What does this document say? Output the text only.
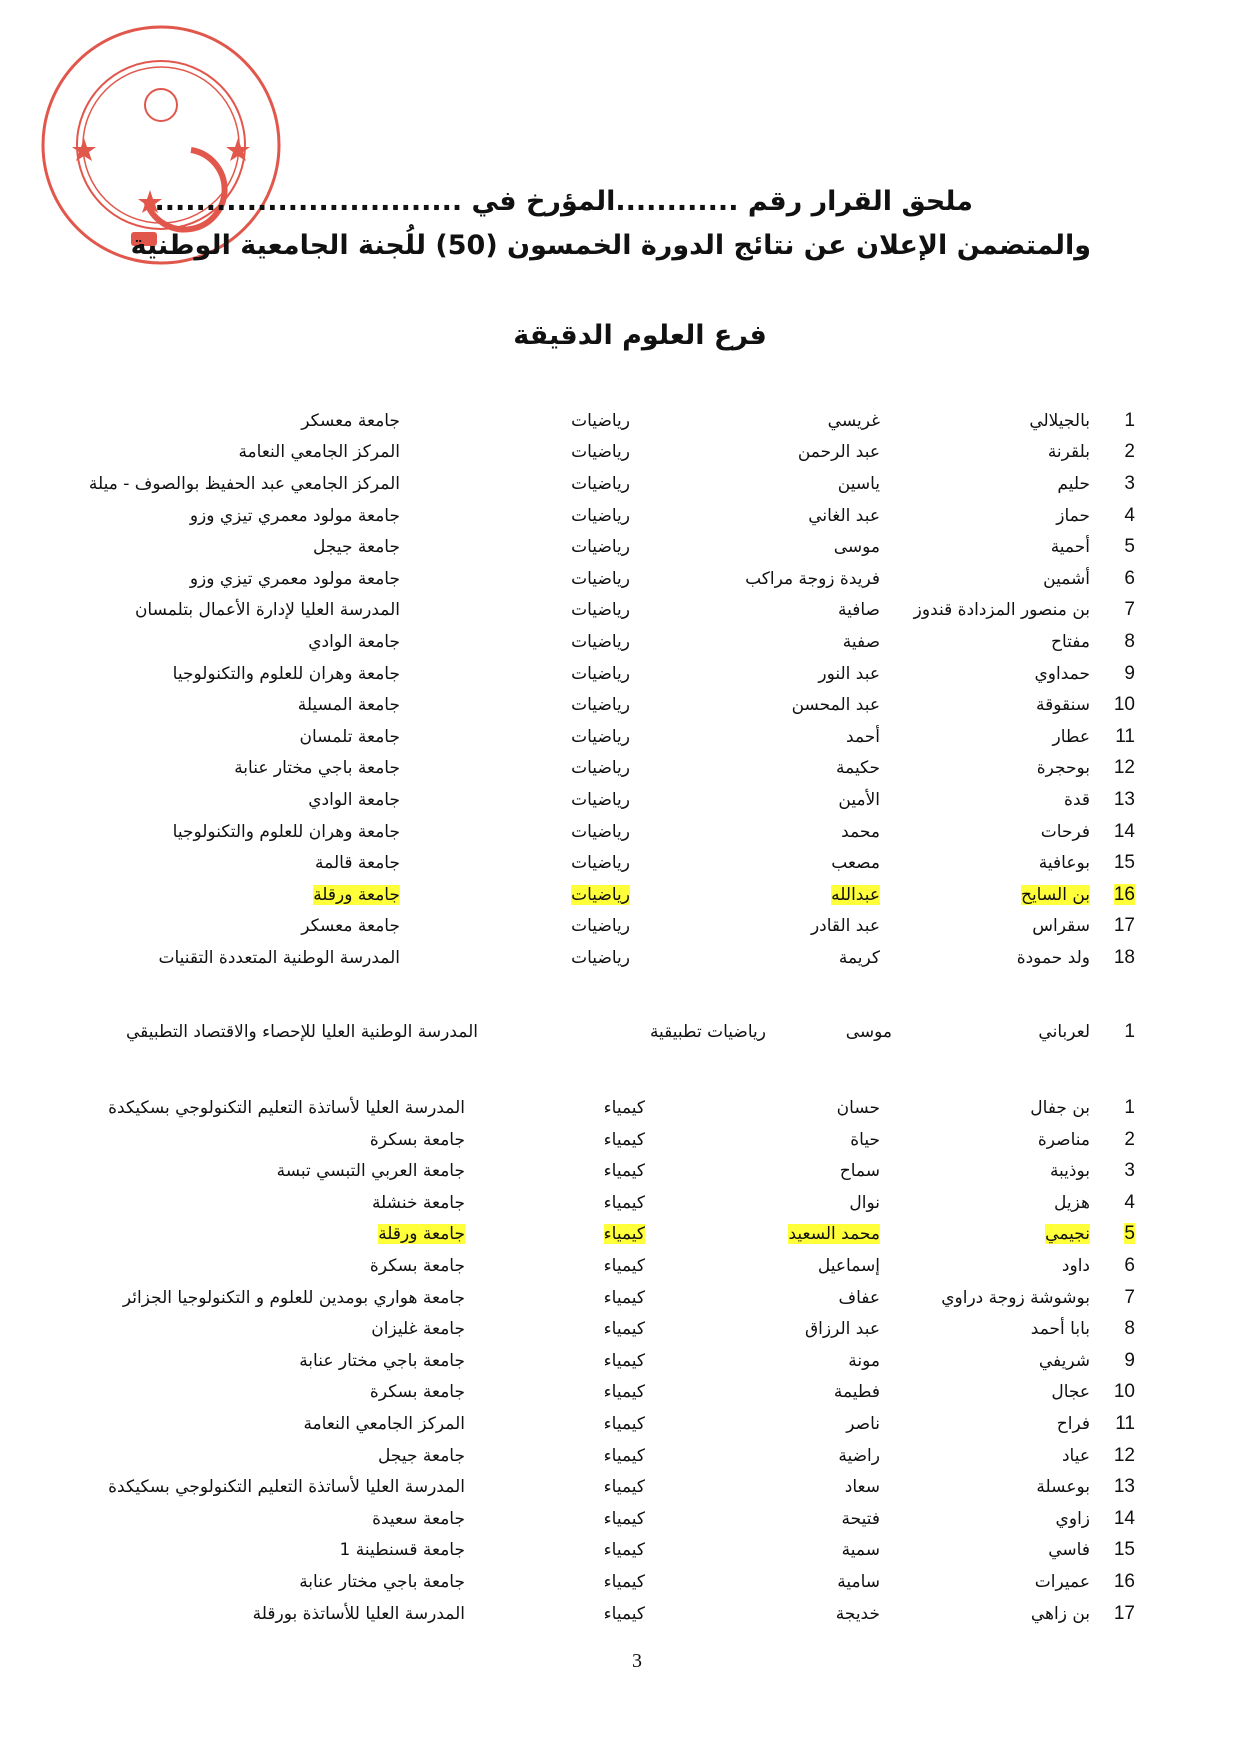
ملحق القرار رقم ............المؤرخ في ..............................
والمتضمن الإعلان عن نتائج الدورة الخمسون (50) للُجنة الجامعية الوطنية
فرع العلوم الدقيقة
1	بالجيلالي	غريسي	رياضيات	جامعة معسكر
2	بلقرنة	عبد الرحمن	رياضيات	المركز الجامعي النعامة
3	حليم	ياسين	رياضيات	المركز الجامعي عبد الحفيظ بوالصوف - ميلة
4	حماز	عبد الغاني	رياضيات	جامعة مولود معمري تيزي وزو
5	أحمية	موسى	رياضيات	جامعة جيجل
6	أشمين	فريدة زوجة مراكب	رياضيات	جامعة مولود معمري تيزي وزو
7	بن منصور المزدادة قندوز	صافية	رياضيات	المدرسة العليا لإدارة الأعمال بتلمسان
8	مفتاح	صفية	رياضيات	جامعة الوادي
9	حمداوي	عبد النور	رياضيات	جامعة وهران للعلوم والتكنولوجيا
10	سنقوقة	عبد المحسن	رياضيات	جامعة المسيلة
11	عطار	أحمد	رياضيات	جامعة تلمسان
12	بوحجرة	حكيمة	رياضيات	جامعة باجي مختار عنابة
13	قدة	الأمين	رياضيات	جامعة الوادي
14	فرحات	محمد	رياضيات	جامعة وهران للعلوم والتكنولوجيا
15	بوعافية	مصعب	رياضيات	جامعة قالمة
16	بن السايح	عبدالله	رياضيات	جامعة ورقلة
17	سقراس	عبد القادر	رياضيات	جامعة معسكر
18	ولد حمودة	كريمة	رياضيات	المدرسة الوطنية المتعددة التقنيات
1	لعرباني	موسى	رياضيات تطبيقية	المدرسة الوطنية العليا للإحصاء والاقتصاد التطبيقي
1	بن جفال	حسان	كيمياء	المدرسة العليا لأساتذة التعليم التكنولوجي بسكيكدة
2	مناصرة	حياة	كيمياء	جامعة بسكرة
3	بوذيبة	سماح	كيمياء	جامعة العربي التبسي تبسة
4	هزيل	نوال	كيمياء	جامعة خنشلة
5	نجيمي	محمد السعيد	كيمياء	جامعة ورقلة
6	داود	إسماعيل	كيمياء	جامعة بسكرة
7	بوشوشة زوجة دراوي	عفاف	كيمياء	جامعة هواري بومدين للعلوم و التكنولوجيا الجزائر
8	بابا أحمد	عبد الرزاق	كيمياء	جامعة غليزان
9	شريفي	مونة	كيمياء	جامعة باجي مختار عنابة
10	عجال	فطيمة	كيمياء	جامعة بسكرة
11	فراح	ناصر	كيمياء	المركز الجامعي النعامة
12	عياد	راضية	كيمياء	جامعة جيجل
13	بوعسلة	سعاد	كيمياء	المدرسة العليا لأساتذة التعليم التكنولوجي بسكيكدة
14	زاوي	فتيحة	كيمياء	جامعة سعيدة
15	فاسي	سمية	كيمياء	جامعة قسنطينة 1
16	عميرات	سامية	كيمياء	جامعة باجي مختار عنابة
17	بن زاهي	خديجة	كيمياء	المدرسة العليا للأساتذة بورقلة
3
